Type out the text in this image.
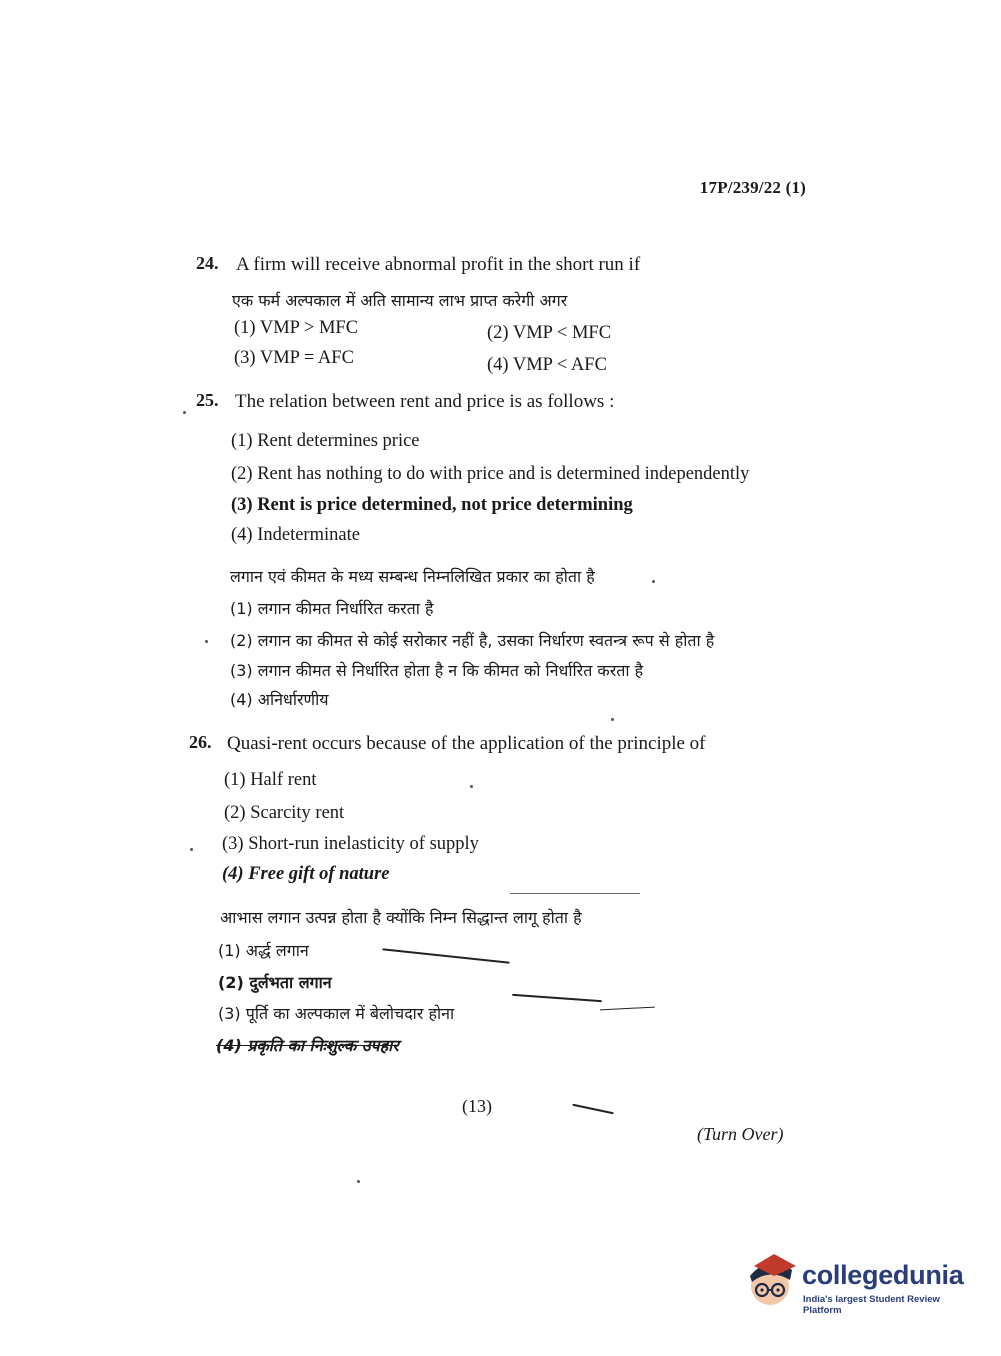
17P/239/22 (1)
24. A firm will receive abnormal profit in the short run if
एक फर्म अल्पकाल में अति सामान्य लाभ प्राप्त करेगी अगर
(1) VMP > MFC	(2) VMP < MFC
(3) VMP = AFC	(4) VMP < AFC
25. The relation between rent and price is as follows :
(1) Rent determines price
(2) Rent has nothing to do with price and is determined independently
(3) Rent is price determined, not price determining
(4) Indeterminate
लगान एवं कीमत के मध्य सम्बन्ध निम्नलिखित प्रकार का होता है
(1) लगान कीमत निर्धारित करता है
(2) लगान का कीमत से कोई सरोकार नहीं है, उसका निर्धारण स्वतन्त्र रूप से होता है
(3) लगान कीमत से निर्धारित होता है न कि कीमत को निर्धारित करता है
(4) अनिर्धारणीय
26. Quasi-rent occurs because of the application of the principle of
(1) Half rent
(2) Scarcity rent
(3) Short-run inelasticity of supply
(4) Free gift of nature
आभास लगान उत्पन्न होता है क्योंकि निम्न सिद्धान्त लागू होता है
(1) अर्द्ध लगान
(2) दुर्लभता लगान
(3) पूर्ति का अल्पकाल में बेलोचदार होना
(4) प्रकृति का निःशुल्क उपहार
(13)
(Turn Over)
collegedunia
India's largest Student Review Platform
